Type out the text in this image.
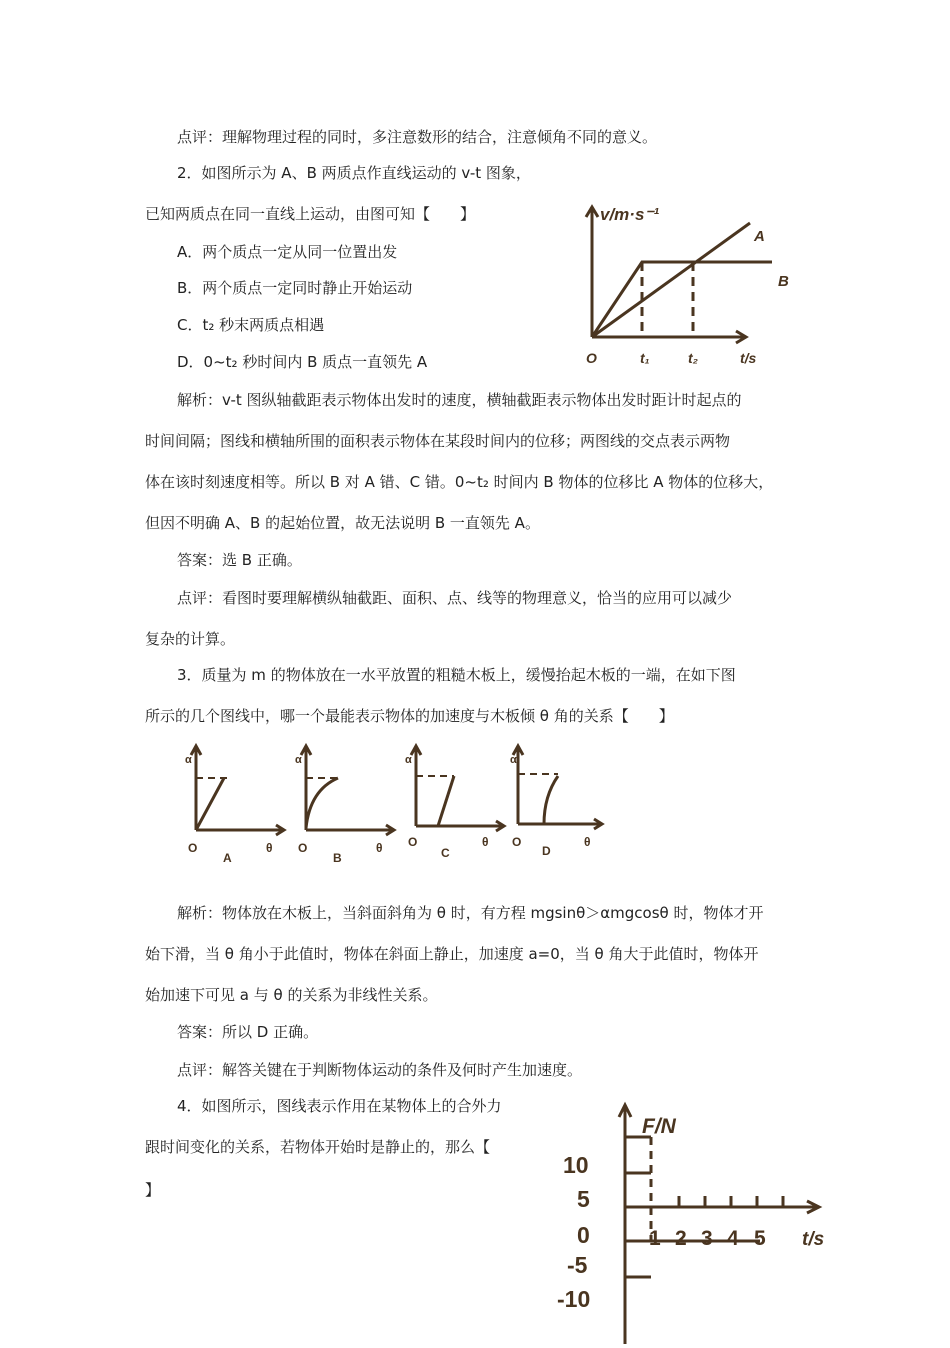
点评：理解物理过程的同时，多注意数形的结合，注意倾角不同的意义。
2．如图所示为 A、B 两质点作直线运动的 v-t 图象，
已知两质点在同一直线上运动，由图可知【　　】
A．两个质点一定从同一位置出发
B．两个质点一定同时静止开始运动
C．t₂ 秒末两质点相遇
D．0~t₂ 秒时间内 B 质点一直领先 A
解析：v-t 图纵轴截距表示物体出发时的速度，横轴截距表示物体出发时距计时起点的
时间间隔；图线和横轴所围的面积表示物体在某段时间内的位移；两图线的交点表示两物
体在该时刻速度相等。所以 B 对 A 错、C 错。0~t₂ 时间内 B 物体的位移比 A 物体的位移大，
但因不明确 A、B 的起始位置，故无法说明 B 一直领先 A。
答案：选 B 正确。
点评：看图时要理解横纵轴截距、面积、点、线等的物理意义，恰当的应用可以减少
复杂的计算。
3．质量为 m 的物体放在一水平放置的粗糙木板上，缓慢抬起木板的一端，在如下图
所示的几个图线中，哪一个最能表示物体的加速度与木板倾 θ 角的关系【　　】
解析：物体放在木板上，当斜面斜角为 θ 时，有方程 mgsinθ＞αmgcosθ 时，物体才开
始下滑，当 θ 角小于此值时，物体在斜面上静止，加速度 a=0，当 θ 角大于此值时，物体开
始加速下可见 a 与 θ 的关系为非线性关系。
答案：所以 D 正确。
点评：解答关键在于判断物体运动的条件及何时产生加速度。
4．如图所示，图线表示作用在某物体上的合外力
跟时间变化的关系，若物体开始时是静止的，那么【
】
v/m·s⁻¹
A
B
O	t₁	t₂	t/s
α
O	θ
A
α
O	θ
B
α
O	θ
C
α
O	θ
D
F/N
t/s
10
5
0
-5
-10
1 2 3 4 5
